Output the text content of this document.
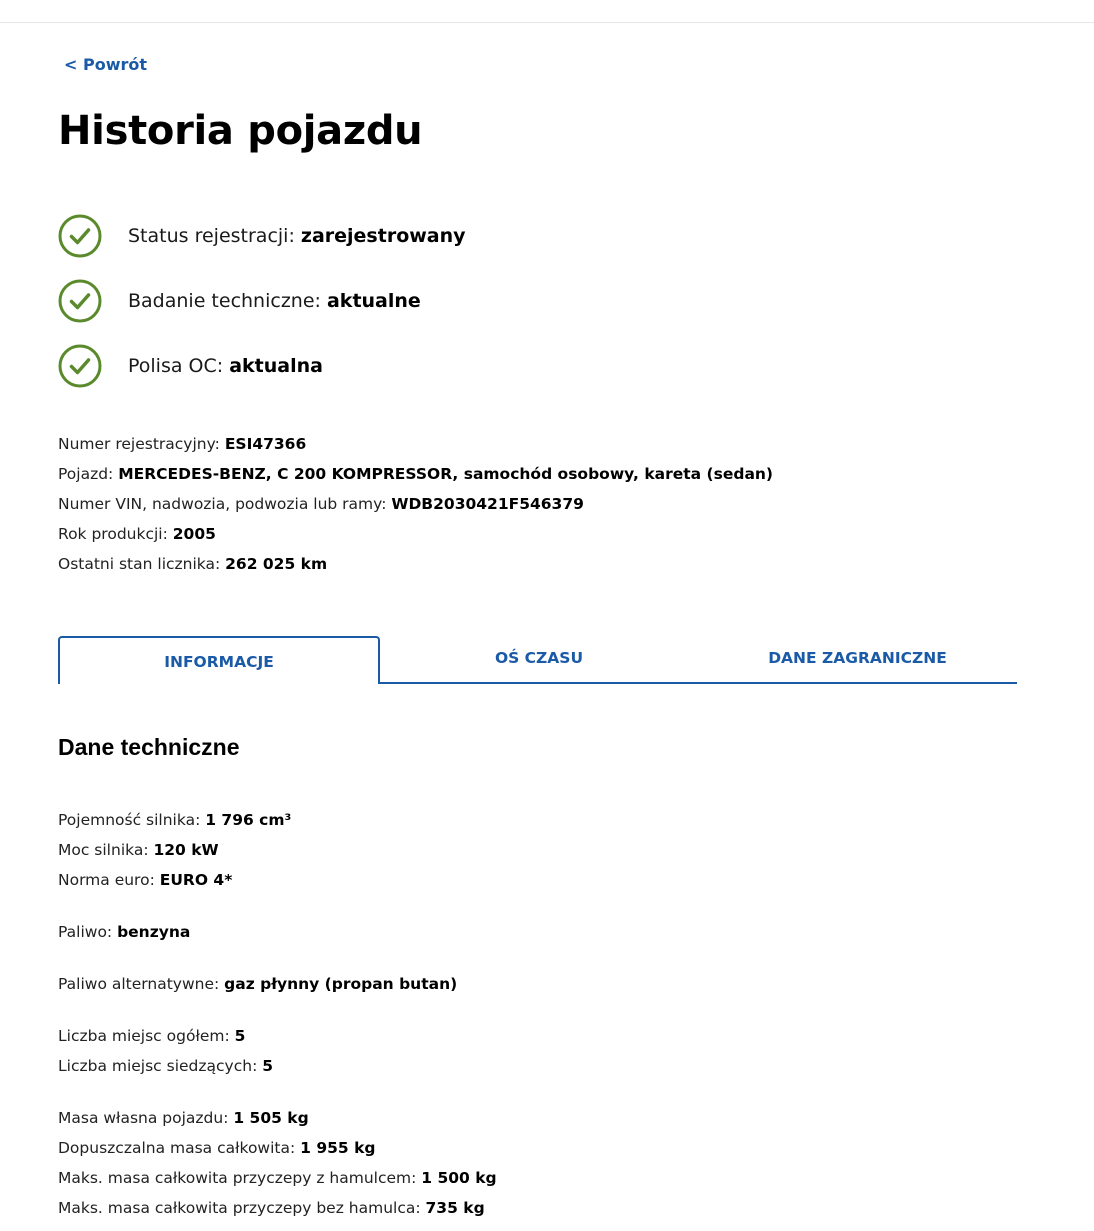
< Powrót
Historia pojazdu
Status rejestracji: zarejestrowany
Badanie techniczne: aktualne
Polisa OC: aktualna
Numer rejestracyjny: ESI47366
Pojazd: MERCEDES-BENZ, C 200 KOMPRESSOR, samochód osobowy, kareta (sedan)
Numer VIN, nadwozia, podwozia lub ramy: WDB2030421F546379
Rok produkcji: 2005
Ostatni stan licznika: 262 025 km
INFORMACJE	OŚ CZASU	DANE ZAGRANICZNE
Dane techniczne
Pojemność silnika: 1 796 cm³
Moc silnika: 120 kW
Norma euro: EURO 4*
Paliwo: benzyna
Paliwo alternatywne: gaz płynny (propan butan)
Liczba miejsc ogółem: 5
Liczba miejsc siedzących: 5
Masa własna pojazdu: 1 505 kg
Dopuszczalna masa całkowita: 1 955 kg
Maks. masa całkowita przyczepy z hamulcem: 1 500 kg
Maks. masa całkowita przyczepy bez hamulca: 735 kg
